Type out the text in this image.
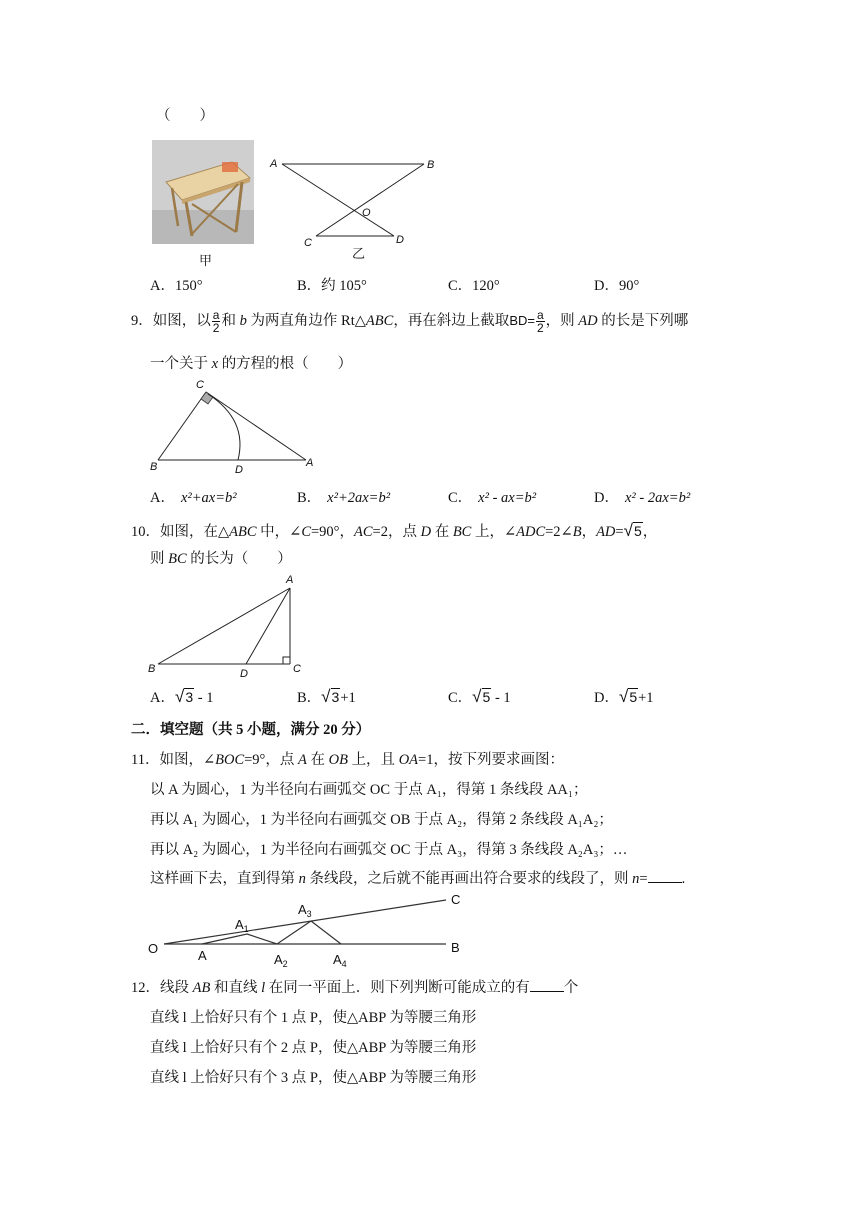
（　　）
甲
A	B
O
C	D
乙
A．150°	B．约 105°	C．120°	D．90°
9．如图，以 $\frac{a}{2}$ 和 b 为两直角边作 Rt△ABC，再在斜边上截取$BD= \frac{a}{2}$ ，则 AD 的长是下列哪
一个关于 x 的方程的根（　　）
C
B	D
A
A． x²+ax=b²	B． x²+2ax=b²	C． x² - ax=b²	D． x² - 2ax=b²
10．如图，在△ABC 中，∠C=90°，AC=2，点 D 在 BC 上，∠ADC=2∠B，AD=√5，
则 BC 的长为（　　）
A
B	D	C
A．√3 - 1	B．√3+1	C．√5 - 1	D．√5+1
二．填空题（共 5 小题，满分 20 分）
11．如图，∠BOC=9°，点 A 在 OB 上，且 OA=1，按下列要求画图：
以 A 为圆心，1 为半径向右画弧交 OC 于点 A₁，得第 1 条线段 AA₁；
再以 A₁ 为圆心，1 为半径向右画弧交 OB 于点 A₂，得第 2 条线段 A₁A₂；
再以 A₂ 为圆心，1 为半径向右画弧交 OC 于点 A₃，得第 3 条线段 A₂A₃；…
这样画下去，直到得第 n 条线段，之后就不能再画出符合要求的线段了，则 n= .
O	A
$A_1$
$A_2$
$A_3$
$A_4$
B
C
12．线段 AB 和直线 l 在同一平面上．则下列判断可能成立的有 个
直线 l 上恰好只有个 1 点 P，使△ABP 为等腰三角形
直线 l 上恰好只有个 2 点 P，使△ABP 为等腰三角形
直线 l 上恰好只有个 3 点 P，使△ABP 为等腰三角形
